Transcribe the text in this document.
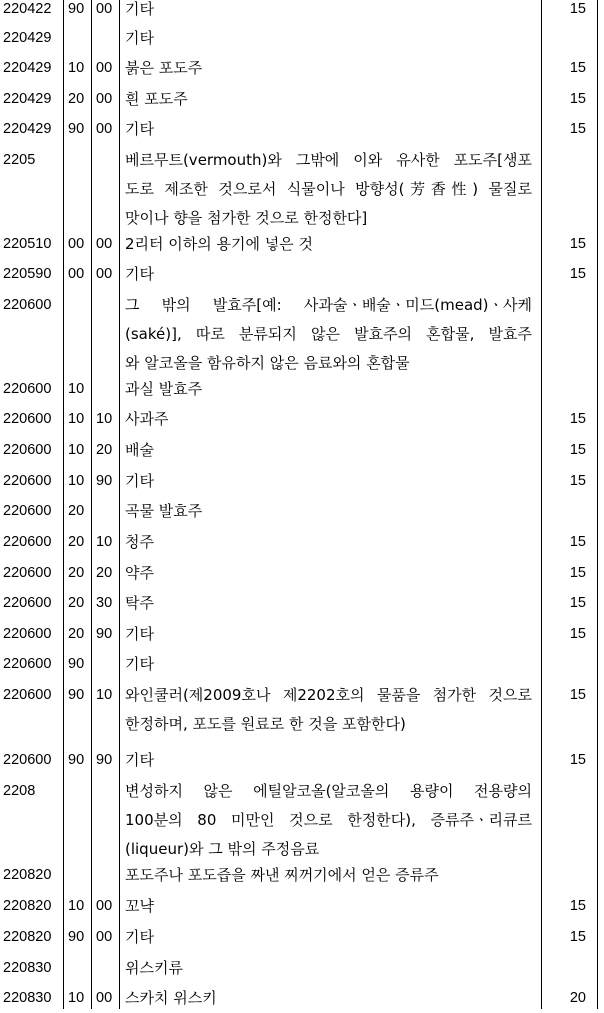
220422 90 00 기타	15
220429	기타
220429 10 00 붉은 포도주	15
220429 20 00 흰 포도주	15
220429 90 00 기타	15
2205	베르무트(vermouth)와 그밖에 이와 유사한 포도주[생포
도로 제조한 것으로서 식물이나 방향성(芳香性) 물질로
맛이나 향을 첨가한 것으로 한정한다]
220510 00 00 2리터 이하의 용기에 넣은 것	15
220590 00 00 기타	15
220600	그 밖의 발효주[예: 사과술ㆍ배술ㆍ미드(mead)ㆍ사케
(saké)], 따로 분류되지 않은 발효주의 혼합물, 발효주
와 알코올을 함유하지 않은 음료와의 혼합물
220600 10	과실 발효주
220600 10 10 사과주	15
220600 10 20 배술	15
220600 10 90 기타	15
220600 20	곡물 발효주
220600 20 10 청주	15
220600 20 20 약주	15
220600 20 30 탁주	15
220600 20 90 기타	15
220600 90	기타
220600 90 10 와인쿨러(제2009호나 제2202호의 물품을 첨가한 것으로
한정하며, 포도를 원료로 한 것을 포함한다)
15
220600 90 90 기타	15
2208	변성하지 않은 에틸알코올(알코올의 용량이 전용량의
100분의 80 미만인 것으로 한정한다), 증류주ㆍ리큐르
(liqueur)와 그 밖의 주정음료
220820	포도주나 포도즙을 짜낸 찌꺼기에서 얻은 증류주
220820 10 00 꼬냑	15
220820 90 00 기타	15
220830	위스키류
220830 10 00 스카치 위스키	20
